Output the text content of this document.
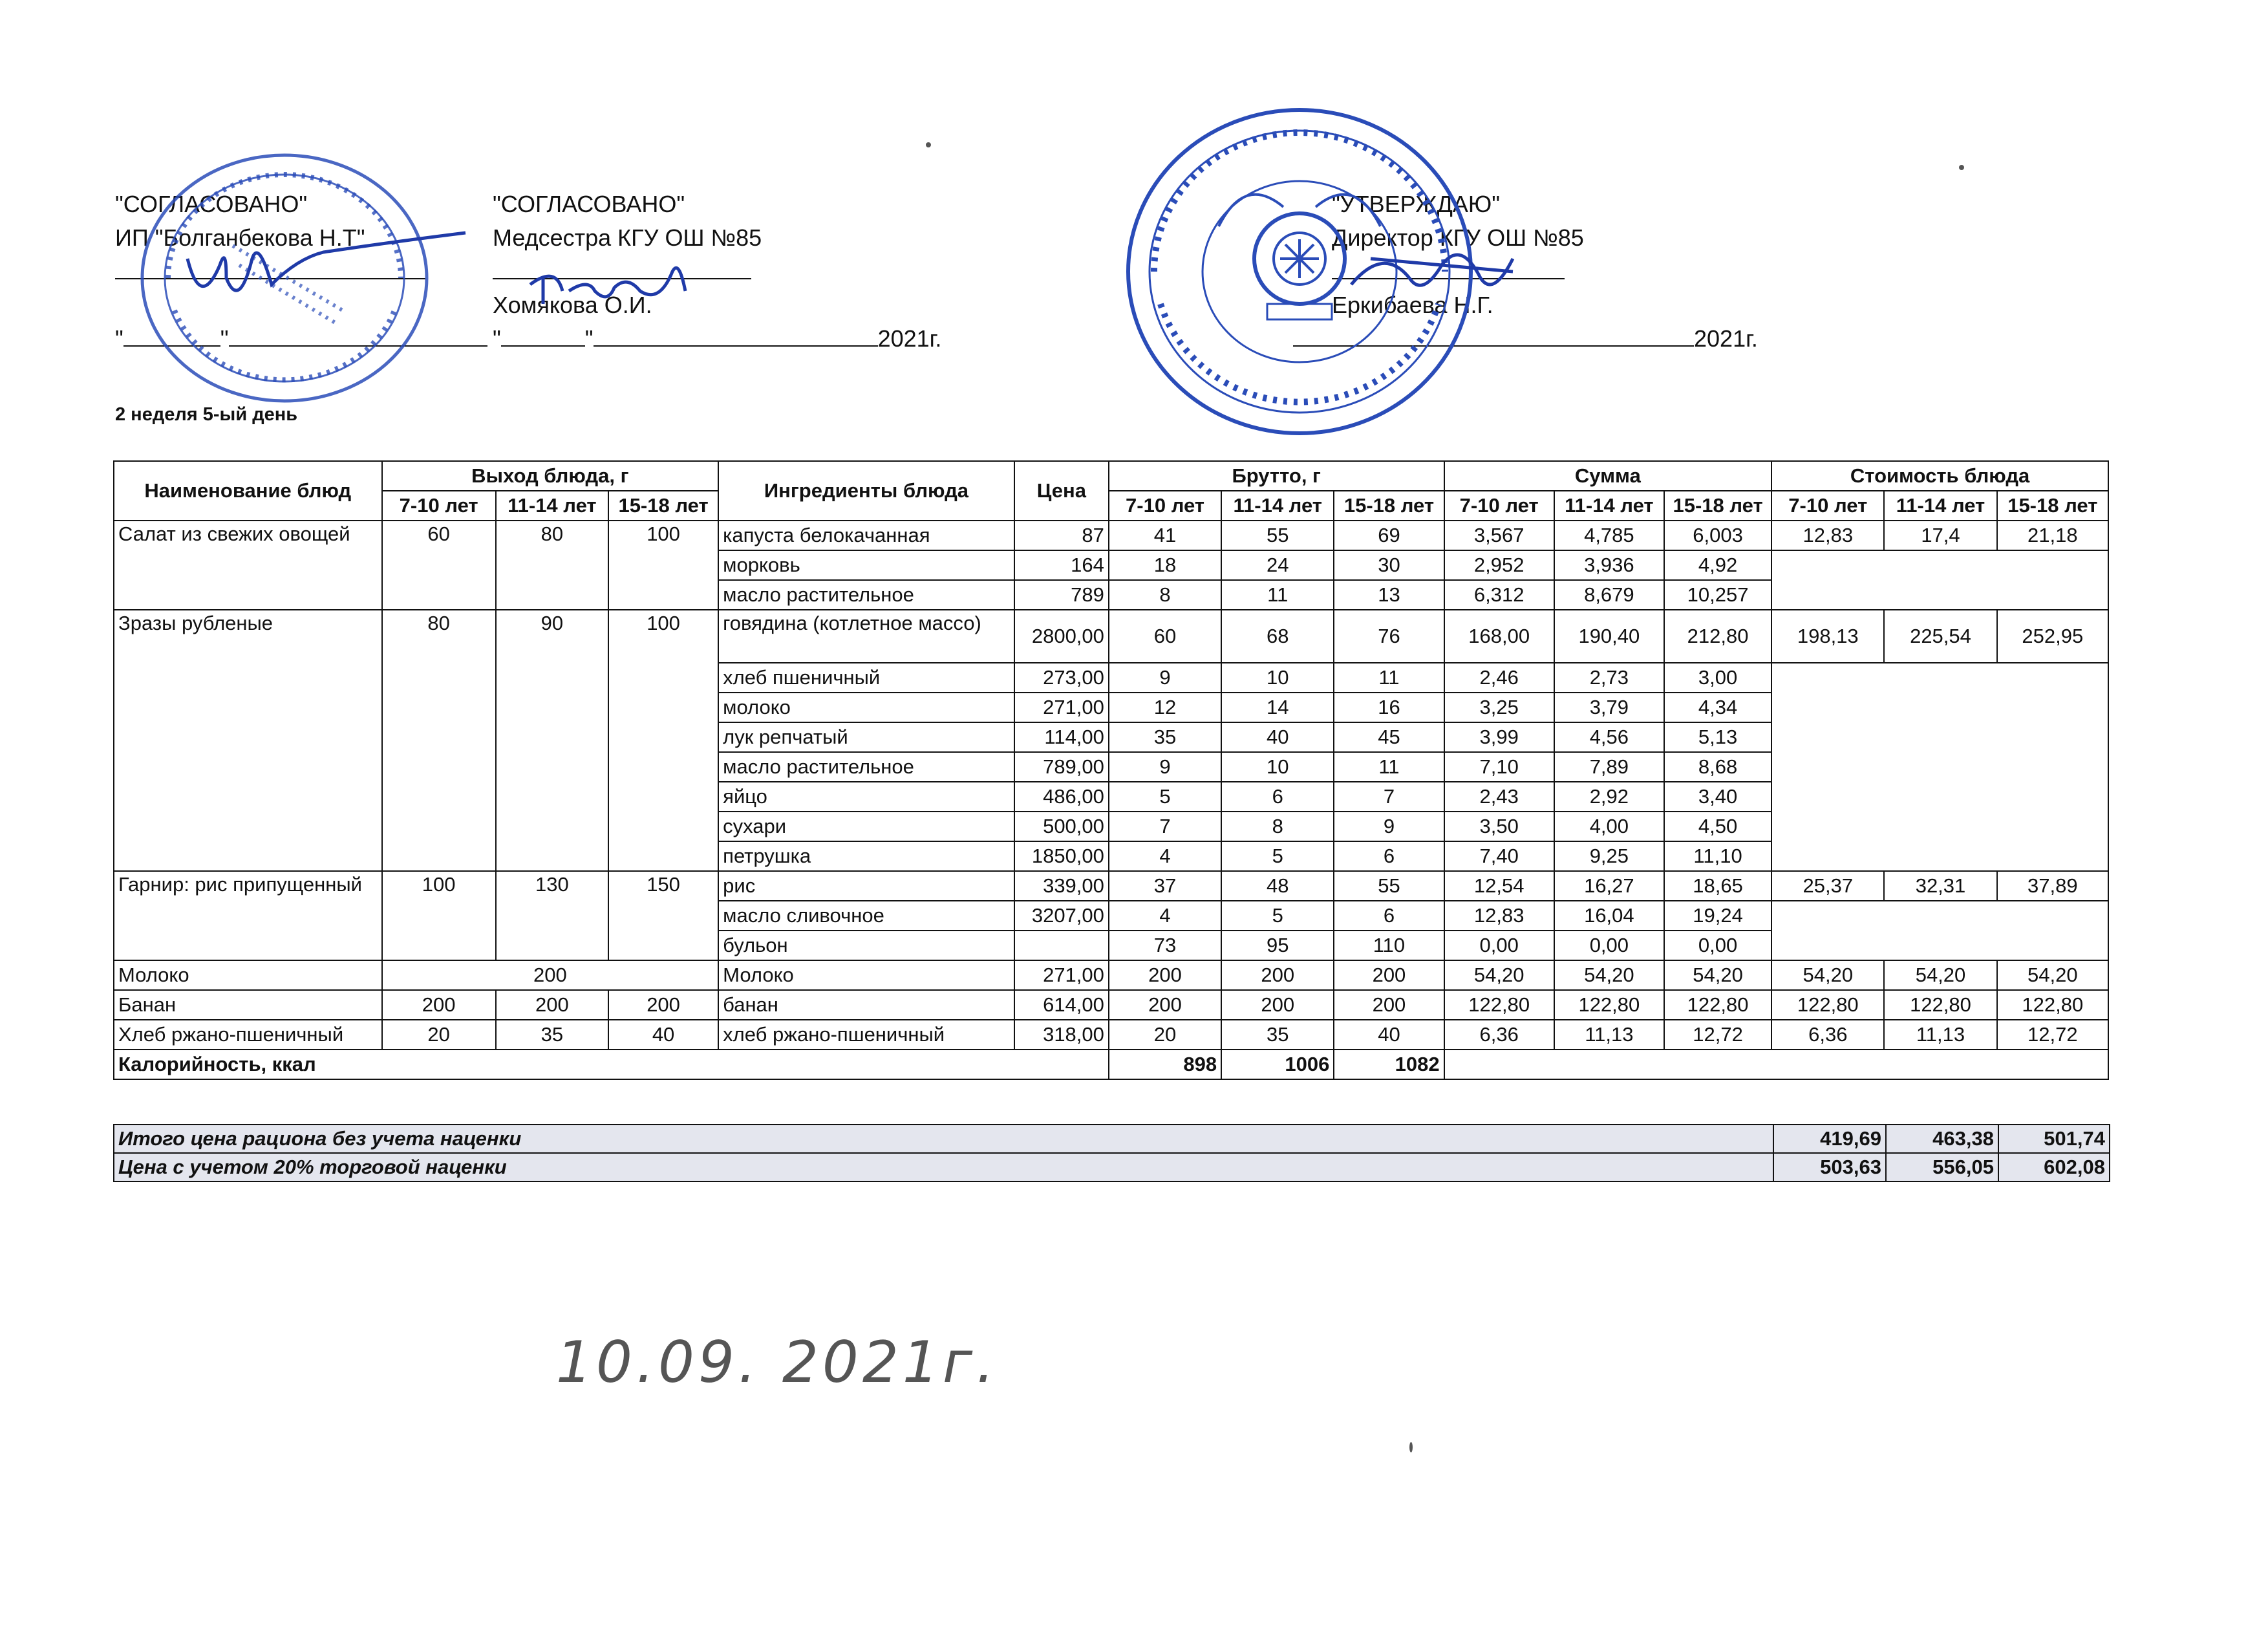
"СОГЛАСОВАНО"
ИП "Болганбекова Н.Т"

"	"
"СОГЛАСОВАНО"
Медсестра КГУ ОШ №85
Хомякова О.И.
"	"	2021г.
"УТВЕРЖДАЮ"
Директор КГУ ОШ №85
Еркибаева Н.Г.
2021г.
2 неделя 5-ый день
Наименование блюд	Выход блюда, г			Ингредиенты блюда	Цена	Брутто, г			Сумма			Стоимость блюда		
	7-10 лет	11-14 лет	15-18 лет			7-10 лет	11-14 лет	15-18 лет	7-10 лет	11-14 лет	15-18 лет	7-10 лет	11-14 лет	15-18 лет
Салат из свежих овощей	60	80	100	капуста белокачанная	87	41	55	69	3,567	4,785	6,003	12,83	17,4	21,18
				морковь	164	18	24	30	2,952	3,936	4,92			
				масло растительное	789	8	11	13	6,312	8,679	10,257			
Зразы рубленые	80	90	100	говядина (котлетное массо)	2800,00	60	68	76	168,00	190,40	212,80	198,13	225,54	252,95
				хлеб пшеничный	273,00	9	10	11	2,46	2,73	3,00			
				молоко	271,00	12	14	16	3,25	3,79	4,34			
				лук репчатый	114,00	35	40	45	3,99	4,56	5,13			
				масло растительное	789,00	9	10	11	7,10	7,89	8,68			
				яйцо	486,00	5	6	7	2,43	2,92	3,40			
				сухари	500,00	7	8	9	3,50	4,00	4,50			
				петрушка	1850,00	4	5	6	7,40	9,25	11,10			
Гарнир: рис припущенный	100	130	150	рис	339,00	37	48	55	12,54	16,27	18,65	25,37	32,31	37,89
				масло сливочное	3207,00	4	5	6	12,83	16,04	19,24			
				бульон		73	95	110	0,00	0,00	0,00			
Молоко	200			Молоко	271,00	200	200	200	54,20	54,20	54,20	54,20	54,20	54,20
Банан	200	200	200	банан	614,00	200	200	200	122,80	122,80	122,80	122,80	122,80	122,80
Хлеб ржано-пшеничный	20	35	40	хлеб ржано-пшеничный	318,00	20	35	40	6,36	11,13	12,72	6,36	11,13	12,72
Калорийность, ккал						898	1006	1082						
Итого цена рациона без учета наценки	419,69	463,38	501,74
Цена с учетом 20% торговой наценки	503,63	556,05	602,08
10.09. 2021г.
